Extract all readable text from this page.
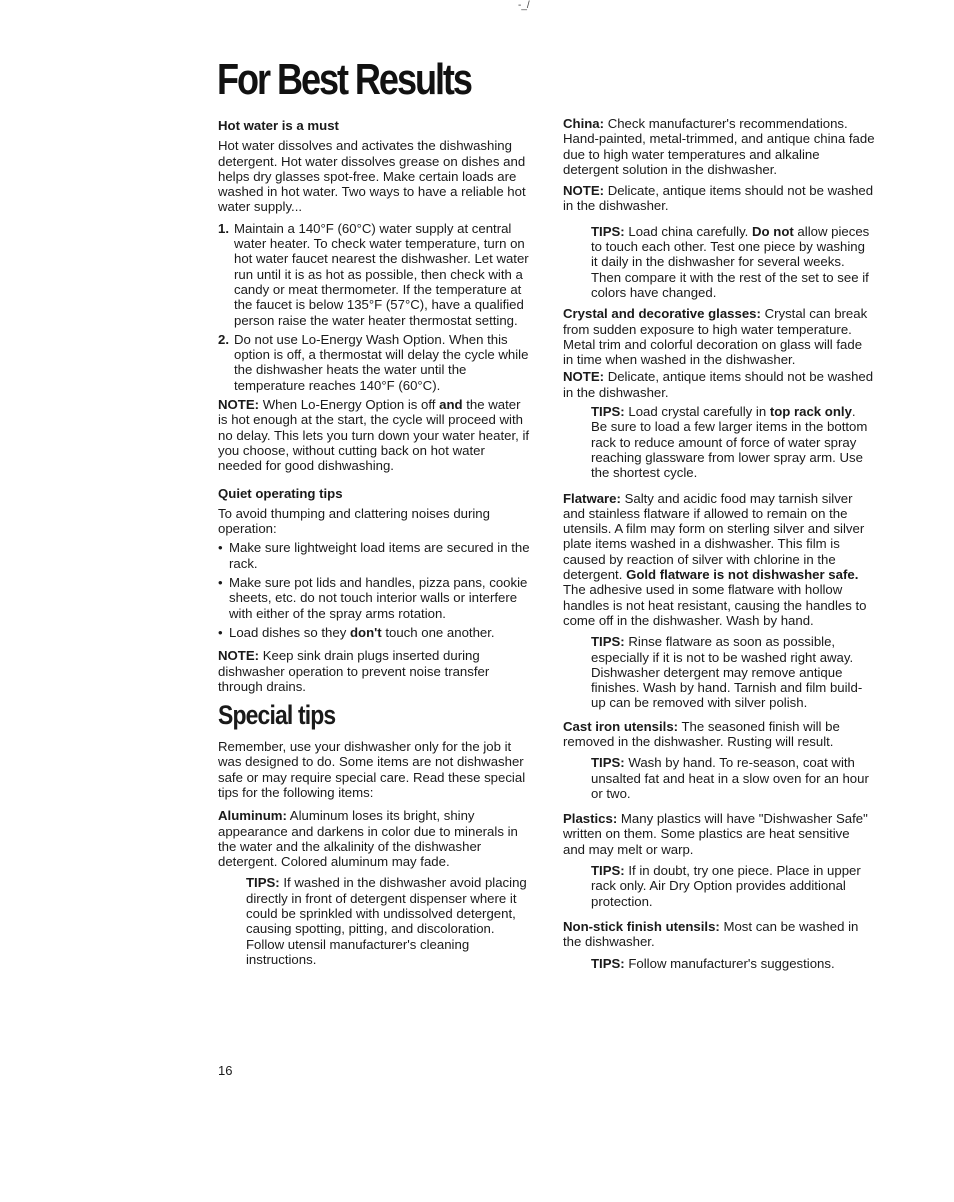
-_/
For Best Results
Hot water is a must

Hot water dissolves and activates the dishwashing detergent. Hot water dissolves grease on dishes and helps dry glasses spot-free. Make certain loads are washed in hot water. Two ways to have a reliable hot water supply...

1. Maintain a 140°F (60°C) water supply at central water heater. To check water temperature, turn on hot water faucet nearest the dishwasher. Let water run until it is as hot as possible, then check with a candy or meat thermometer. If the temperature at the faucet is below 135°F (57°C), have a qualified person raise the water heater thermostat setting.
2. Do not use Lo-Energy Wash Option. When this option is off, a thermostat will delay the cycle while the dishwasher heats the water until the temperature reaches 140°F (60°C).

NOTE: When Lo-Energy Option is off and the water is hot enough at the start, the cycle will proceed with no delay. This lets you turn down your water heater, if you choose, without cutting back on hot water needed for good dishwashing.

Quiet operating tips

To avoid thumping and clattering noises during operation:

• Make sure lightweight load items are secured in the rack.
• Make sure pot lids and handles, pizza pans, cookie sheets, etc. do not touch interior walls or interfere with either of the spray arms rotation.
• Load dishes so they don't touch one another.

NOTE: Keep sink drain plugs inserted during dishwasher operation to prevent noise transfer through drains.

Special tips

Remember, use your dishwasher only for the job it was designed to do. Some items are not dishwasher safe or may require special care. Read these special tips for the following items:

Aluminum: Aluminum loses its bright, shiny appearance and darkens in color due to minerals in the water and the alkalinity of the dishwasher detergent. Colored aluminum may fade.

TIPS: If washed in the dishwasher avoid placing directly in front of detergent dispenser where it could be sprinkled with undissolved detergent, causing spotting, pitting, and discoloration. Follow utensil manufacturer's cleaning instructions.

China: Check manufacturer's recommendations. Hand-painted, metal-trimmed, and antique china fade due to high water temperatures and alkaline detergent solution in the dishwasher.

NOTE: Delicate, antique items should not be washed in the dishwasher.

TIPS: Load china carefully. Do not allow pieces to touch each other. Test one piece by washing it daily in the dishwasher for several weeks. Then compare it with the rest of the set to see if colors have changed.

Crystal and decorative glasses: Crystal can break from sudden exposure to high water temperature. Metal trim and colorful decoration on glass will fade in time when washed in the dishwasher.

NOTE: Delicate, antique items should not be washed in the dishwasher.

TIPS: Load crystal carefully in top rack only. Be sure to load a few larger items in the bottom rack to reduce amount of force of water spray reaching glassware from lower spray arm. Use the shortest cycle.

Flatware: Salty and acidic food may tarnish silver and stainless flatware if allowed to remain on the utensils. A film may form on sterling silver and silver plate items washed in a dishwasher. This film is caused by reaction of silver with chlorine in the detergent. Gold flatware is not dishwasher safe. The adhesive used in some flatware with hollow handles is not heat resistant, causing the handles to come off in the dishwasher. Wash by hand.

TIPS: Rinse flatware as soon as possible, especially if it is not to be washed right away. Dishwasher detergent may remove antique finishes. Wash by hand. Tarnish and film build-up can be removed with silver polish.

Cast iron utensils: The seasoned finish will be removed in the dishwasher. Rusting will result.

TIPS: Wash by hand. To re-season, coat with unsalted fat and heat in a slow oven for an hour or two.

Plastics: Many plastics will have "Dishwasher Safe" written on them. Some plastics are heat sensitive and may melt or warp.

TIPS: If in doubt, try one piece. Place in upper rack only. Air Dry Option provides additional protection.

Non-stick finish utensils: Most can be washed in the dishwasher.

TIPS: Follow manufacturer's suggestions.

16
